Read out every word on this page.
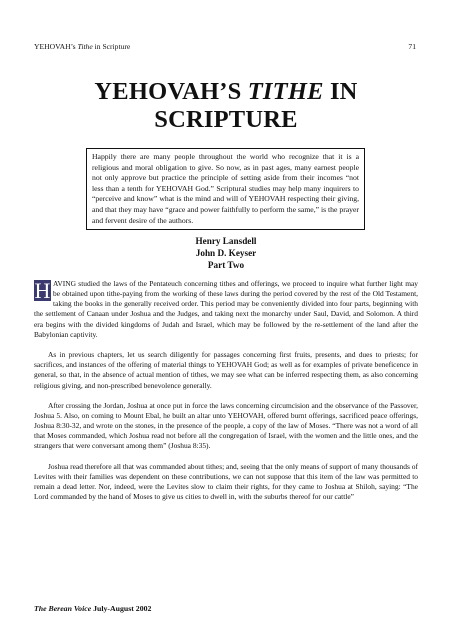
YEHOVAH’s Tithe in Scripture	71
YEHOVAH’S TITHE IN SCRIPTURE
Happily there are many people throughout the world who recognize that it is a religious and moral obligation to give. So now, as in past ages, many earnest people not only approve but practice the principle of setting aside from their incomes “not less than a tenth for YEHOVAH God.” Scriptural studies may help many inquirers to “perceive and know” what is the mind and will of YEHOVAH respecting their giving, and that they may have “grace and power faithfully to perform the same,” is the prayer and fervent desire of the authors.
Henry Lansdell
John D. Keyser
Part Two

H AVING studied the laws of the Pentateuch concerning tithes and offerings, we proceed to inquire what further light may be obtained upon tithe-paying from the working of these laws during the period covered by the rest of the Old Testament, taking the books in the generally received order. This period may be conveniently divided into four parts, beginning with the settlement of Canaan under Joshua and the Judges, and taking next the monarchy under Saul, David, and Solomon. A third era begins with the divided kingdoms of Judah and Israel, which may be followed by the re-settlement of the land after the Babylonian captivity.

As in previous chapters, let us search diligently for passages concerning first fruits, presents, and dues to priests; for sacrifices, and instances of the offering of material things to YEHOVAH God; as well as for examples of private beneficence in general, so that, in the absence of actual mention of tithes, we may see what can be inferred respecting them, as also concerning religious giving, and non-prescribed benevolence generally.

After crossing the Jordan, Joshua at once put in force the laws concerning circumcision and the observance of the Passover, Joshua 5. Also, on coming to Mount Ebal, he built an altar unto YEHOVAH, offered burnt offerings, sacrificed peace offerings, Joshua 8:30-32, and wrote on the stones, in the presence of the people, a copy of the law of Moses. “There was not a word of all that Moses commanded, which Joshua read not before all the congregation of Israel, with the women and the little ones, and the strangers that were conversant among them” (Joshua 8:35).

Joshua read therefore all that was commanded about tithes; and, seeing that the only means of support of many thousands of Levites with their families was dependent on these contributions, we can not suppose that this item of the law was permitted to remain a dead letter. Nor, indeed, were the Levites slow to claim their rights, for they came to Joshua at Shiloh, saying: “The Lord commanded by the hand of Moses to give us cities to dwell in, with the suburbs thereof for our cattle”

The Berean Voice July-August 2002
